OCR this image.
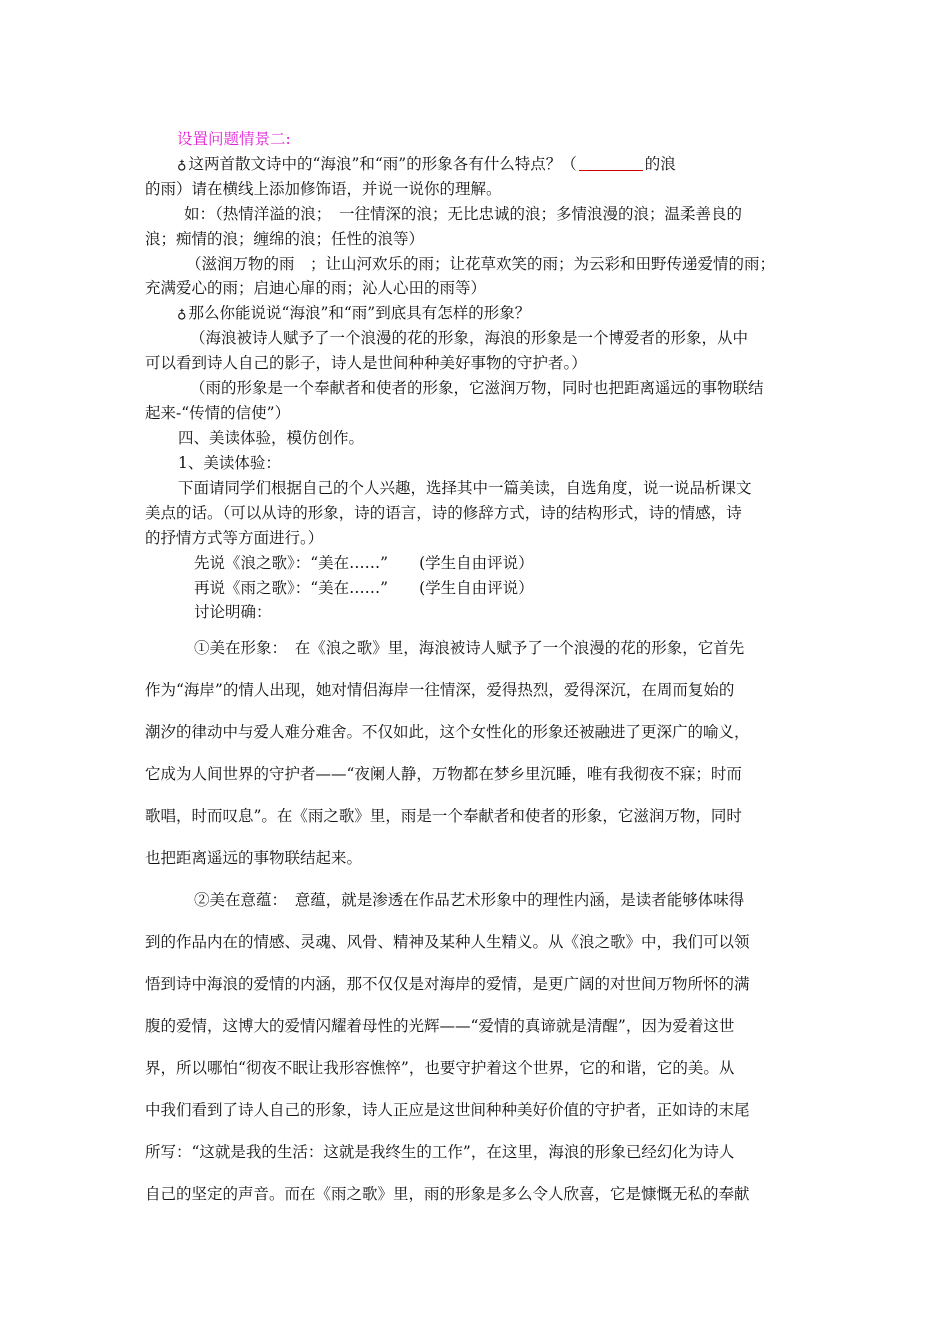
设置问题情景二:
♁ 这两首散文诗中的“海浪”和“雨”的形象各有什么特点？（	的浪
的雨）请在横线上添加修饰语，并说一说你的理解。
如：（热情洋溢的浪；　一往情深的浪；无比忠诚的浪；多情浪漫的浪；温柔善良的
浪；痴情的浪；缠绵的浪；任性的浪等）
（滋润万物的雨　；让山河欢乐的雨；让花草欢笑的雨；为云彩和田野传递爱情的雨；
充满爱心的雨；启迪心扉的雨；沁人心田的雨等）
♁ 那么你能说说“海浪”和“雨”到底具有怎样的形象？
（海浪被诗人赋予了一个浪漫的花的形象，海浪的形象是一个博爱者的形象，从中
可以看到诗人自己的影子，诗人是世间种种美好事物的守护者。）
（雨的形象是一个奉献者和使者的形象，它滋润万物，同时也把距离遥远的事物联结
起来-“传情的信使”）
四、美读体验，模仿创作。
1、美读体验：
下面请同学们根据自己的个人兴趣，选择其中一篇美读，自选角度，说一说品析课文
美点的话。（可以从诗的形象，诗的语言，诗的修辞方式，诗的结构形式，诗的情感，诗
的抒情方式等方面进行。）
先说《浪之歌》：“美在……”　　(学生自由评说）
再说《雨之歌》：“美在……”　　(学生自由评说）
讨论明确：
①美在形象：　在《浪之歌》里，海浪被诗人赋予了一个浪漫的花的形象，它首先
作为“海岸”的情人出现，她对情侣海岸一往情深，爱得热烈，爱得深沉，在周而复始的
潮汐的律动中与爱人难分难舍。不仅如此，这个女性化的形象还被融进了更深广的喻义，
它成为人间世界的守护者——“夜阑人静，万物都在梦乡里沉睡，唯有我彻夜不寐；时而
歌唱，时而叹息”。在《雨之歌》里，雨是一个奉献者和使者的形象，它滋润万物，同时
也把距离遥远的事物联结起来。
②美在意蕴：　意蕴，就是渗透在作品艺术形象中的理性内涵，是读者能够体味得
到的作品内在的情感、灵魂、风骨、精神及某种人生精义。从《浪之歌》中，我们可以领
悟到诗中海浪的爱情的内涵，那不仅仅是对海岸的爱情，是更广阔的对世间万物所怀的满
腹的爱情，这博大的爱情闪耀着母性的光辉——“爱情的真谛就是清醒”，因为爱着这世
界，所以哪怕“彻夜不眠让我形容憔悴”，也要守护着这个世界，它的和谐，它的美。从
中我们看到了诗人自己的形象，诗人正应是这世间种种美好价值的守护者，正如诗的末尾
所写：“这就是我的生活：这就是我终生的工作”，在这里，海浪的形象已经幻化为诗人
自己的坚定的声音。而在《雨之歌》里，雨的形象是多么令人欣喜，它是慷慨无私的奉献
